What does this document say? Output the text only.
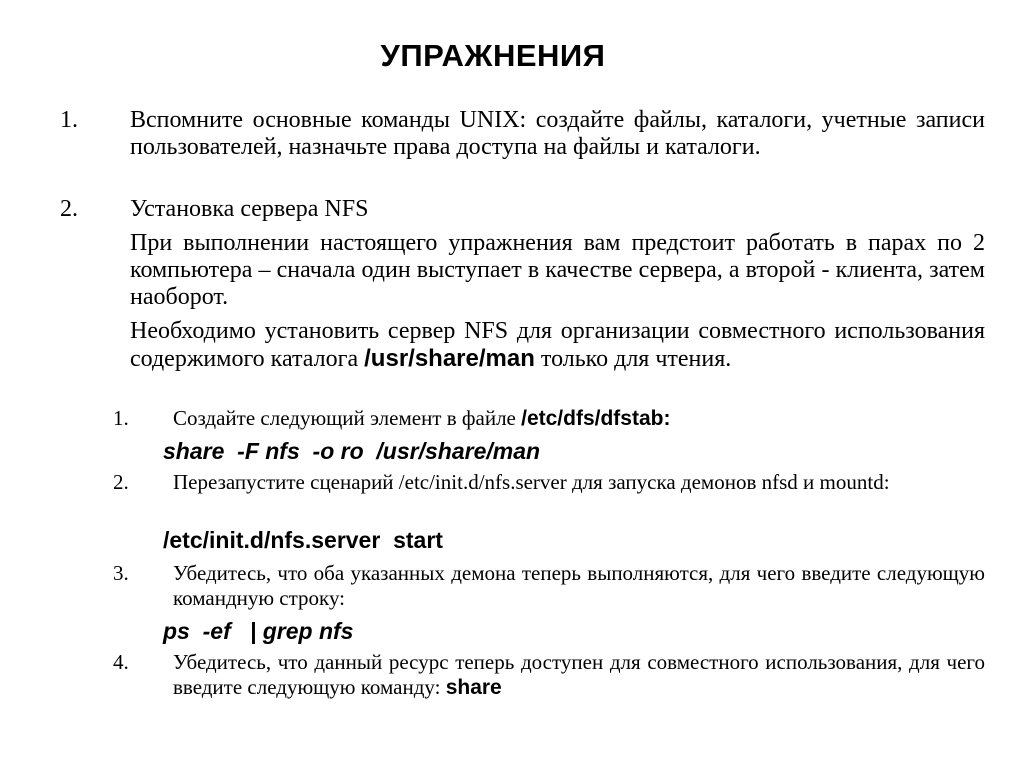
УПРАЖНЕНИЯ
1. Вспомните основные команды UNIX: создайте файлы, каталоги, учетные записи пользователей, назначьте права доступа на файлы и каталоги.
2. Установка сервера NFS
При выполнении настоящего упражнения вам предстоит работать в парах по 2 компьютера – сначала один выступает в качестве сервера, а второй - клиента, затем наоборот.
Необходимо установить сервер NFS для организации совместного использования содержимого каталога /usr/share/man только для чтения.
1. Создайте следующий элемент в файле /etc/dfs/dfstab:
share  -F nfs  -o ro  /usr/share/man
2. Перезапустите сценарий /etc/init.d/nfs.server для запуска демонов nfsd и mountd:
/etc/init.d/nfs.server  start
3. Убедитесь, что оба указанных демона теперь выполняются, для чего введите следующую командную строку:
ps  -ef   | grep nfs
4. Убедитесь, что данный ресурс теперь доступен для совместного использования, для чего введите следующую команду: share
